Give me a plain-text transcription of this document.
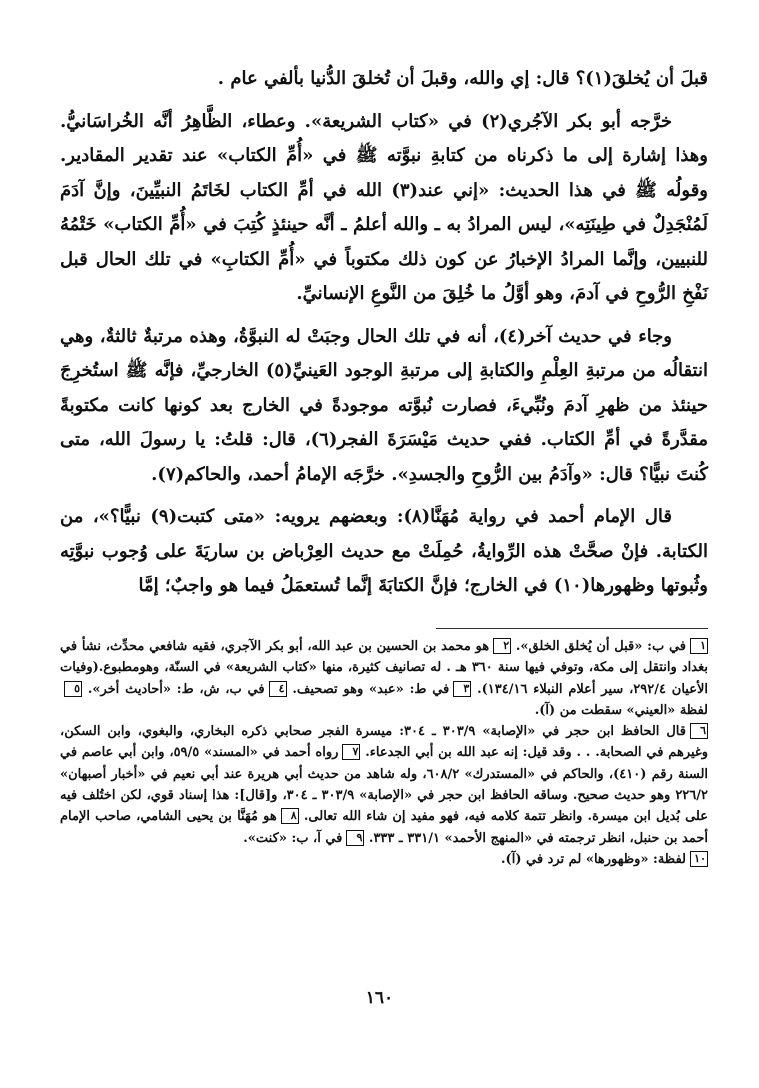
قبلَ أن يُخلقَ(١)؟ قال: إي والله، وقبلَ أن تُخلقَ الدُّنيا بألفي عام .

خرَّجه أبو بكر الآجُري(٢) في «كتاب الشريعة». وعطاء، الظَّاهِرُ أنَّه الخُراسَانيُّ. وهذا إشارة إلى ما ذكرناه من كتابةِ نبوَّته ﷺ في «أُمِّ الكتاب» عند تقدير المقادير. وقولُه ﷺ في هذا الحديث: «إني عند(٣) الله في أمِّ الكتاب لخَاتَمُ النبيِّينَ، وإنَّ آدَمَ لَمُنْجَدِلٌ في طِينَتِه»، ليس المرادُ به ـ والله أعلمُ ـ أنَّه حينئذٍ كُتِبَ في «أُمِّ الكتاب» خَتْمُهُ للنبيين، وإنَّما المرادُ الإخبارُ عن كون ذلك مكتوباً في «أُمِّ الكتابِ» في تلك الحال قبل نَفْخِ الرُّوحِ في آدمَ، وهو أوَّلُ ما خُلِقَ من النَّوعِ الإنسانيِّ.

وجاء في حديث آخر(٤)، أنه في تلك الحال وجبَتْ له النبوَّةُ، وهذه مرتبةٌ ثالثةٌ، وهي انتقالُه من مرتبةِ العِلْمِ والكتابةِ إلى مرتبةِ الوجود العَينيِّ(٥) الخارجيِّ، فإنَّه ﷺ استُخرِجَ حينئذ من ظهرِ آدمَ ونُبِّيءَ، فصارت نُبوَّته موجودةً في الخارج بعد كونها كانت مكتوبةً مقدَّرةً في أمِّ الكتاب. ففي حديث مَيْسَرَةَ الفجر(٦)، قال: قلتُ: يا رسولَ الله، متى كُنتَ نبيًّا؟ قال: «وآدَمُ بين الرُّوحِ والجسدِ». خرَّجَه الإمامُ أحمد، والحاكم(٧).

قال الإمام أحمد في رواية مُهَنَّا(٨): وبعضهم يرويه: «متى كتبت(٩) نبيًّا؟»، من الكتابة. فإنْ صحَّتْ هذه الرِّوايةُ، حُمِلَتْ مع حديث العِرْباض بن ساريَةَ على وُجوب نبوَّتِه وثُبوتها وظهورها(١٠) في الخارج؛ فإنَّ الكتابَةَ إنَّما تُستعمَلُ فيما هو واجبٌ؛ إمَّا

١في ب: «قبل أن يُخلق الخلق». ٢هو محمد بن الحسين بن عبد الله، أبو بكر الآجري، فقيه شافعي محدِّث، نشأ في بغداد وانتقل إلى مكة، وتوفي فيها سنة ٣٦٠ هـ . له تصانيف كثيرة، منها «كتاب الشريعة» في السنّة، وهومطبوع.(وفيات الأعيان ٢٩٢/٤، سير أعلام النبلاء ١٣٤/١٦). ٣في ط: «عبد» وهو تصحيف. ٤في ب، ش، ط: «أحاديث أخر». ٥لفظة «العيني» سقطت من (آ).

٦قال الحافظ ابن حجر في «الإصابة» ٣٠٣/٩ ـ ٣٠٤: ميسرة الفجر صحابي ذكره البخاري، والبغوي، وابن السكن، وغيرهم في الصحابة. . . وقد قيل: إنه عبد الله بن أبي الجدعاء. ٧رواه أحمد في «المسند» ٥٩/٥، وابن أبي عاصم في السنة رقم (٤١٠)، والحاكم في «المستدرك» ٦٠٨/٢، وله شاهد من حديث أبي هريرة عند أبي نعيم في «أخبار أصبهان» ٢٢٦/٢ وهو حديث صحيح. وساقه الحافظ ابن حجر في «الإصابة» ٣٠٣/٩ ـ ٣٠٤، و[قال]: هذا إسناد قوي، لكن اختُلف فيه على بُديل ابن ميسرة. وانظر تتمة كلامه فيه، فهو مفيد إن شاء الله تعالى. ٨هو مُهَنَّا بن يحيى الشامي، صاحب الإمام أحمد بن حنبل، انظر ترجمته في «المنهج الأحمد» ٣٣١/١ ـ ٣٣٣. ٩في آ، ب: «كنت».

١٠لفظة: «وظهورها» لم ترد في (آ).

١٦٠
